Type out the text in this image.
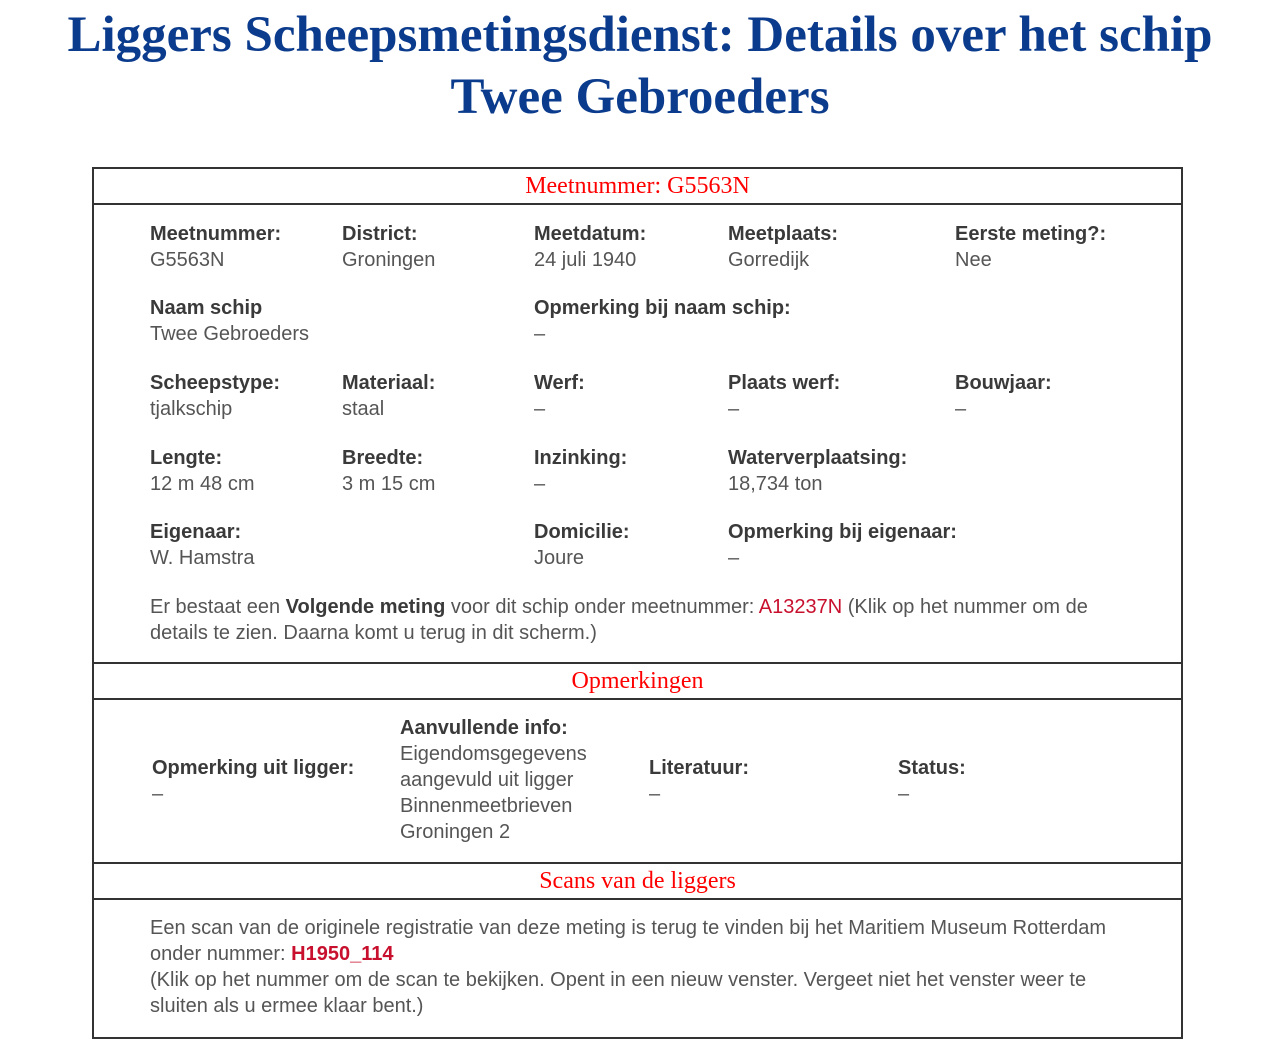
Liggers Scheepsmetingsdienst: Details over het schip
Twee Gebroeders
Meetnummer: G5563N
Meetnummer:
G5563N
District:
Groningen
Meetdatum:
24 juli 1940
Meetplaats:
Gorredijk
Eerste meting?:
Nee
Naam schip
Twee Gebroeders
Opmerking bij naam schip:
–
Scheepstype:
tjalkschip
Materiaal:
staal
Werf:
–
Plaats werf:
–
Bouwjaar:
–
Lengte:
12 m 48 cm
Breedte:
3 m 15 cm
Inzinking:
–
Waterverplaatsing:
18,734 ton
Eigenaar:
W. Hamstra
Domicilie:
Joure
Opmerking bij eigenaar:
–
Er bestaat een Volgende meting voor dit schip onder meetnummer: A13237N (Klik op het nummer om de details te zien. Daarna komt u terug in dit scherm.)
Opmerkingen
Opmerking uit ligger:
–
Aanvullende info:
Eigendomsgegevens aangevuld uit ligger Binnenmeetbrieven Groningen 2
Literatuur:
–
Status:
–
Scans van de liggers
Een scan van de originele registratie van deze meting is terug te vinden bij het Maritiem Museum Rotterdam onder nummer: H1950_114
(Klik op het nummer om de scan te bekijken. Opent in een nieuw venster. Vergeet niet het venster weer te sluiten als u ermee klaar bent.)
